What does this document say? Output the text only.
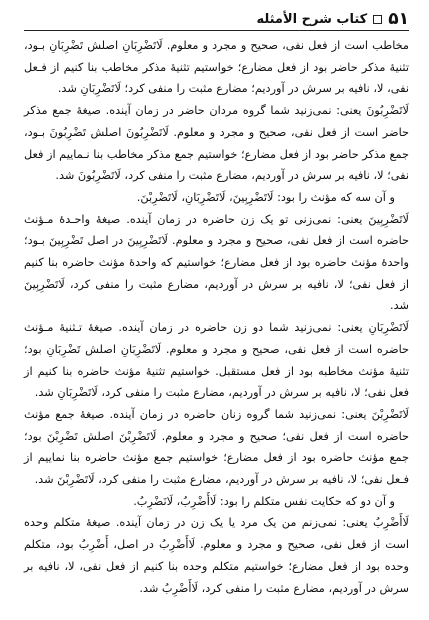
۵۱
کتاب شرح الأمثله

مخاطب است از فعل نفی، صحیح و مجرد و معلوم. لَاتَضْرِبَانِ اصلش تَضْرِبَانِ بـود، تثنیهٔ مذکر حاضر بود از فعل مضارع؛ خواستیم تثنیهٔ مذکر مخاطب بنا کنیم از فـعل نفی، لا، نافیه بر سرش در آوردیم؛ مضارع مثبت را منفی کرد؛ لَاتَضْرِبَانِ شد.

لَاتَضْرِبُونَ یعنی: نمی‌زنید شما گروه مردان حاضر در زمان آینده. صیغهٔ جمع مذکر حاضر است از فعل نفی، صحیح و مجرد و معلوم. لَاتَضْرِبُونَ اصلش تَضْرِبُونَ بـود، جمع مذکر حاضر بود از فعل مضارع؛ خواستیم جمع مذکر مخاطب بنا نـماییم از فعل نفی؛ لا، نافیه بر سرش در آوردیم، مضارع مثبت را منفی کرد، لَاتَضْرِبُونَ شد.

و آن سه که مؤنث را بود: لَاتَضْرِبِینَ، لَاتَضْرِبَانِ، لَاتَضْرِبْنَ.

لَاتَضْرِبِینَ یعنی: نمی‌زنی تو یک زن حاضره در زمان آینده. صیغهٔ واحـدهٔ مـؤنث حاضره است از فعل نفی، صحیح و مجرد و معلوم. لَاتَضْرِبِینَ در اصل تَضْرِبِینَ بـود؛ واحدهٔ مؤنث حاضره بود از فعل مضارع؛ خواستیم که واحدهٔ مؤنث حاضره بنا کنیم از فعل نفی؛ لا، نافیه بر سرش در آوردیم، مضارع مثبت را منفی کرد، لَاتَضْرِبِینَ شد.

لَاتَضْرِبَانِ یعنی: نمی‌زنید شما دو زن حاضره در زمان آینده. صیغهٔ تـثنیهٔ مـؤنث حاضره است از فعل نفی، صحیح و مجرد و معلوم. لَاتَضْرِبَانِ اصلش تَضْرِبَانِ بود؛ تثنیهٔ مؤنث مخاطبه بود از فعل مستقبل. خواستیم تثنیهٔ مؤنث حاضره بنا کنیم از فعل نفی؛ لا، نافیه بر سرش در آوردیم، مضارع مثبت را منفی کرد، لَاتَضْرِبَانِ شد.

لَاتَضْرِبْنَ یعنی: نمی‌زنید شما گروه زنان حاضره در زمان آینده. صیغهٔ جمع مؤنث حاضره است از فعل نفی؛ صحیح و مجرد و معلوم. لَاتَضْرِبْنَ اصلش تَضْرِبْنَ بود؛ جمع مؤنث حاضره بود از فعل مضارع؛ خواستیم جمع مؤنث حاضره بنا نماییم از فـعل نفی؛ لا، نافیه بر سرش در آوردیم، مضارع مثبت را منفی کرد، لَاتَضْرِبْنَ شد.

و آن دو که حکایت نفس متکلم را بود: لَاأَضْرِبُ، لَانَضْرِبُ.

لَاأَضْرِبُ یعنی: نمی‌زنم من یک مرد یا یک زن در زمان آینده. صیغهٔ متکلم وحده است از فعل نفی، صحیح و مجرد و معلوم. لَاأَضْرِبُ در اصل، أَضْرِبُ بود، متکلم وحده بود از فعل مضارع؛ خواستیم متکلم وحده بنا کنیم از فعل نفی، لا، نافیه بر سرش در آوردیم، مضارع مثبت را منفی کرد، لَاأَضْرِبُ شد.
